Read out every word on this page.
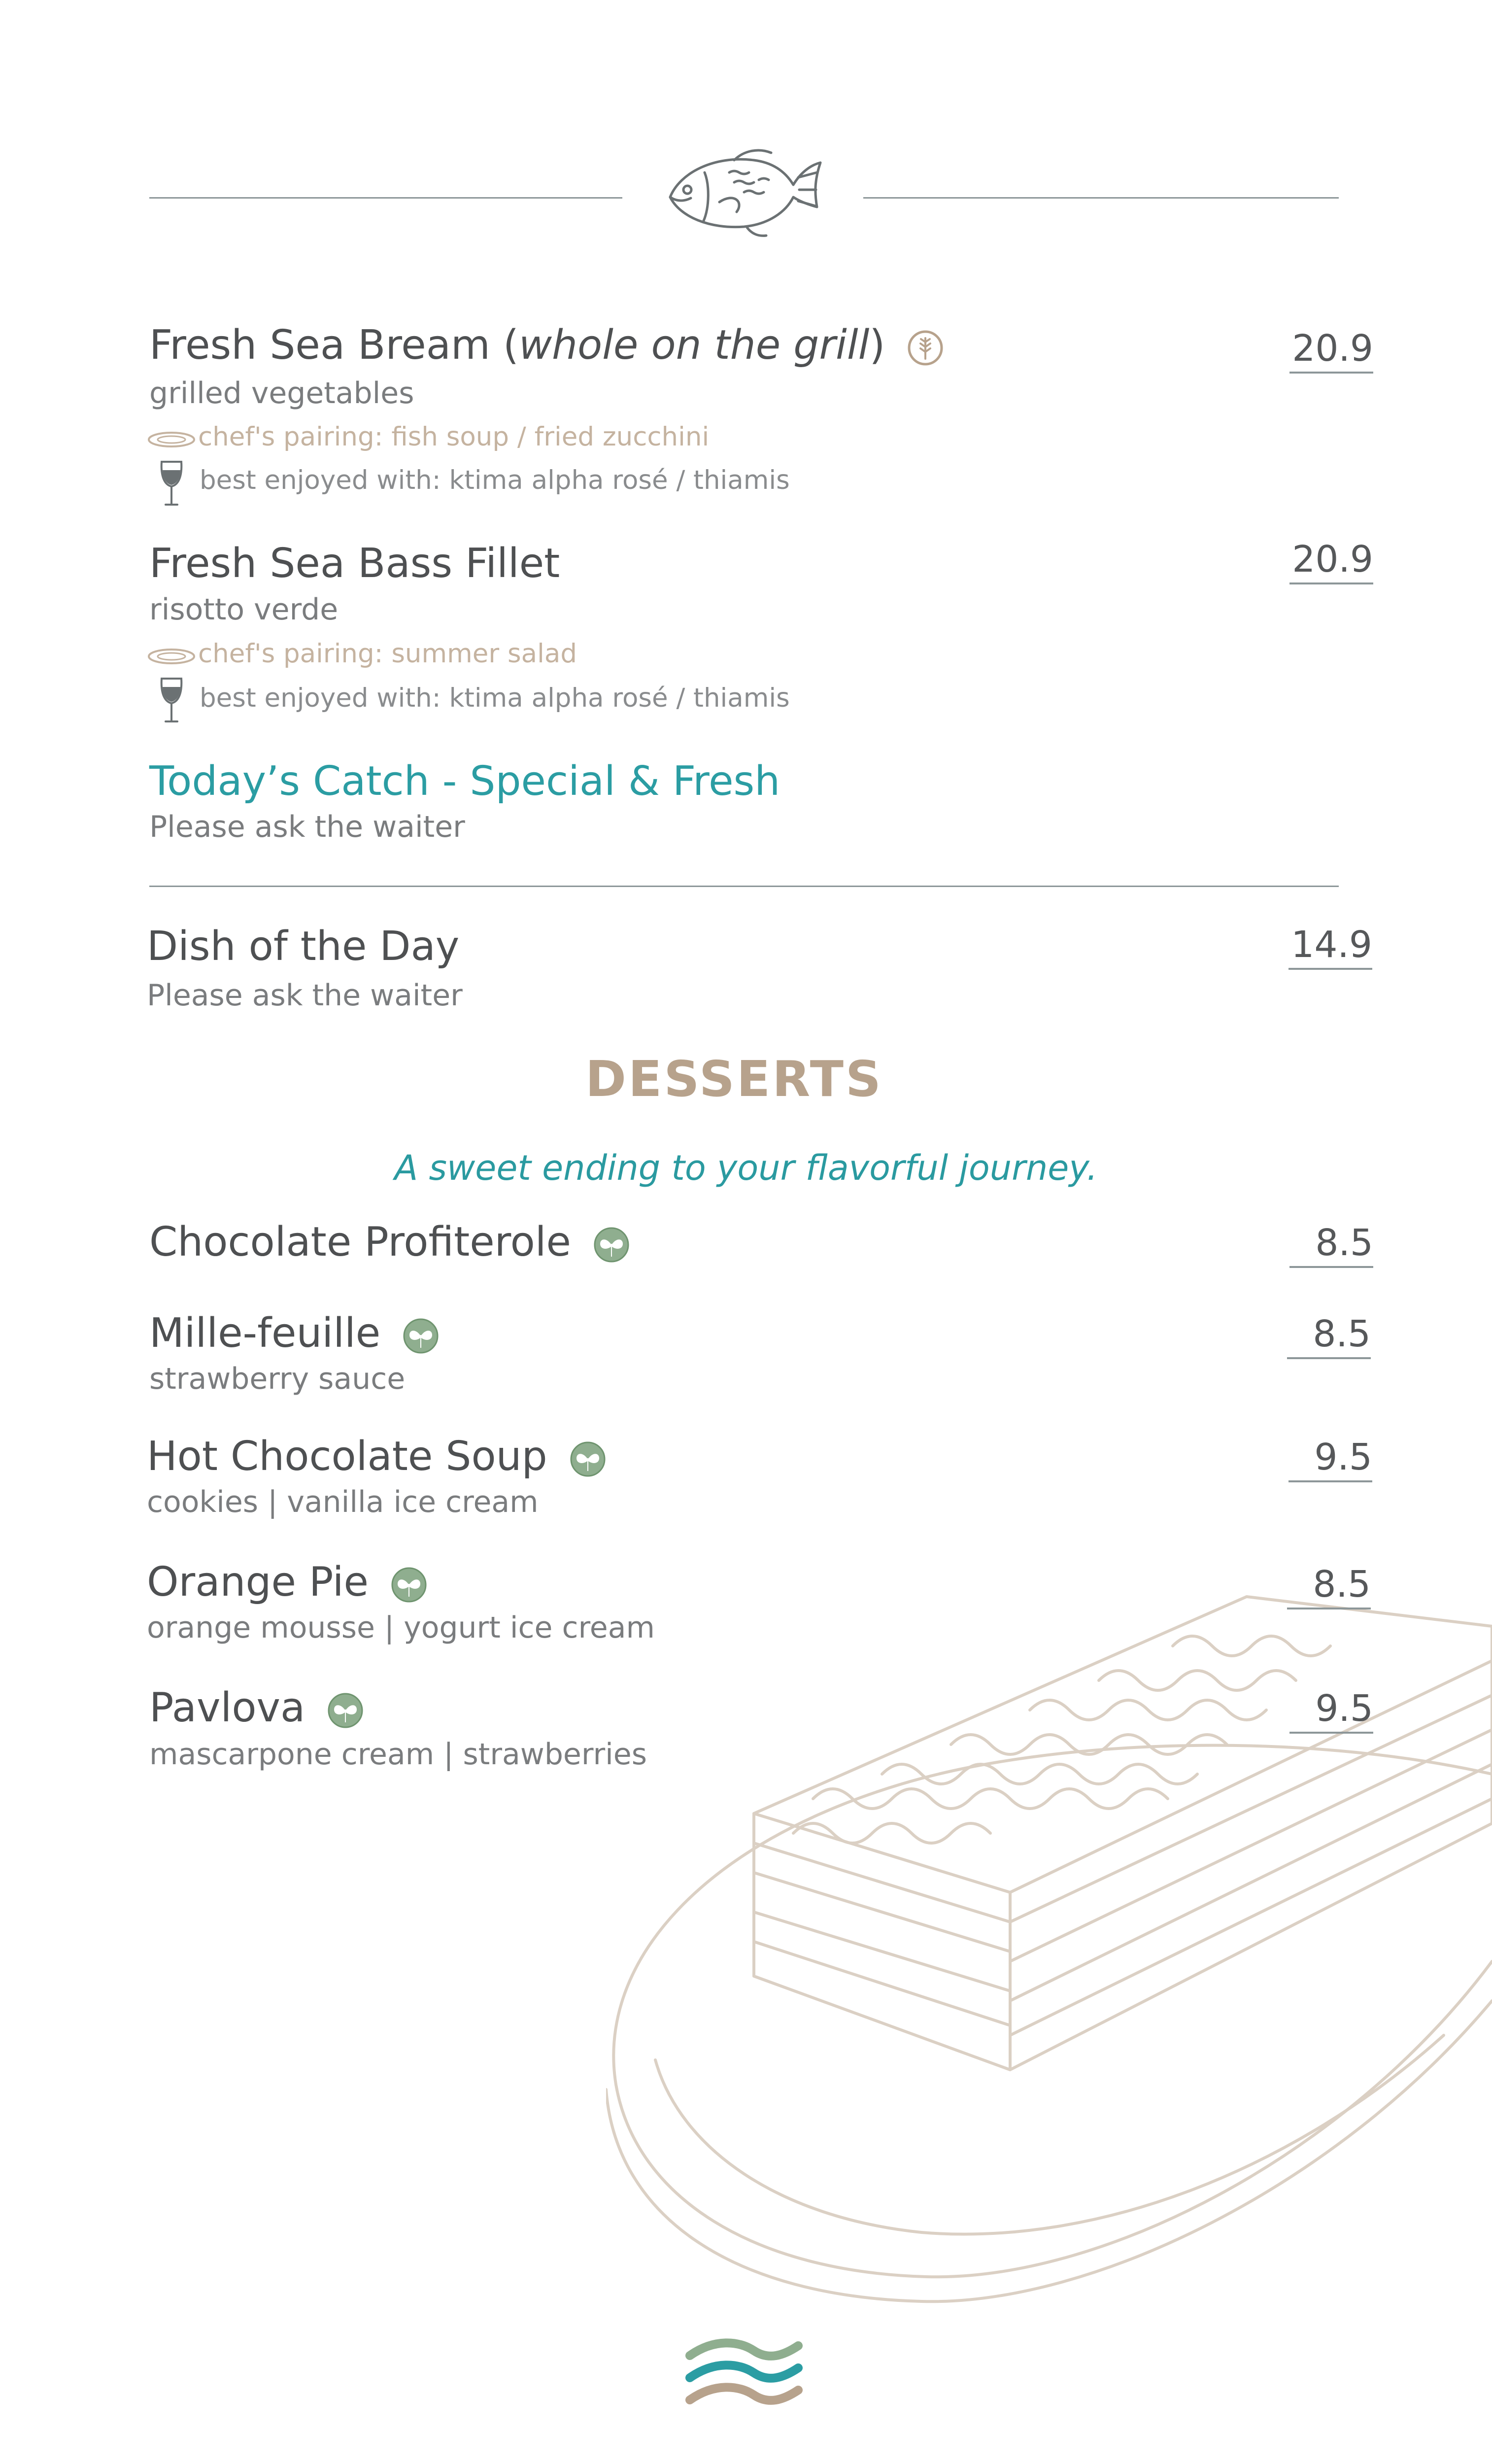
Fresh Sea Bream (whole on the grill)	20.9
grilled vegetables
chef's pairing: fish soup / fried zucchini
best enjoyed with: ktima alpha rosé / thiamis
Fresh Sea Bass Fillet	20.9
risotto verde
chef's pairing: summer salad
best enjoyed with: ktima alpha rosé / thiamis
Today’s Catch - Special & Fresh
Please ask the waiter
Dish of the Day	14.9
Please ask the waiter
DESSERTS
A sweet ending to your flavorful journey.
Chocolate Profiterole	8.5
Mille-feuille	8.5
strawberry sauce
Hot Chocolate Soup	9.5
cookies | vanilla ice cream
Orange Pie	8.5
orange mousse | yogurt ice cream
Pavlova	9.5
mascarpone cream | strawberries
